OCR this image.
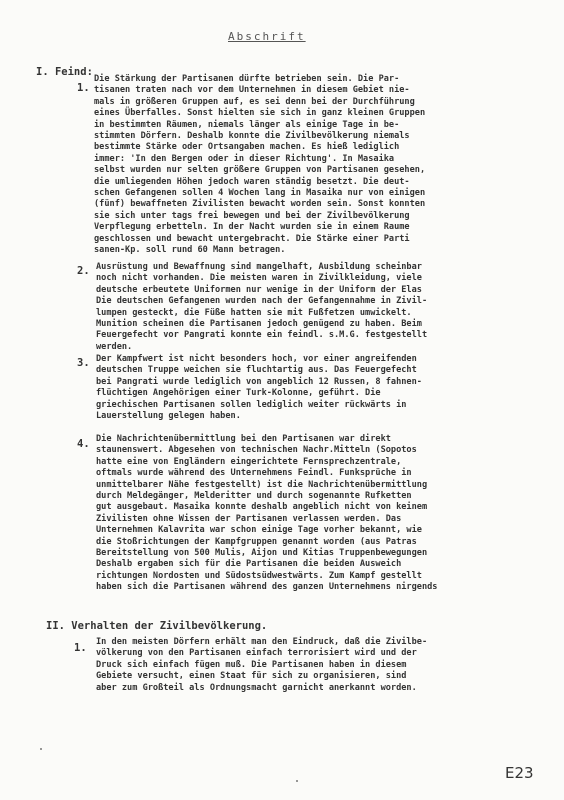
Abschrift
I. Feind:
1.
Die Stärkung der Partisanen dürfte betrieben sein. Die Par-
tisanen traten nach vor dem Unternehmen in diesem Gebiet nie-
mals in größeren Gruppen auf, es sei denn bei der Durchführung
eines Überfalles. Sonst hielten sie sich in ganz kleinen Gruppen
in bestimmten Räumen, niemals länger als einige Tage in be-
stimmten Dörfern. Deshalb konnte die Zivilbevölkerung niemals
bestimmte Stärke oder Ortsangaben machen. Es hieß lediglich
immer: 'In den Bergen oder in dieser Richtung'. In Masaika
selbst wurden nur selten größere Gruppen von Partisanen gesehen,
die umliegenden Höhen jedoch waren ständig besetzt. Die deut-
schen Gefangenen sollen 4 Wochen lang in Masaika nur von einigen
(fünf) bewaffneten Zivilisten bewacht worden sein. Sonst konnten
sie sich unter tags frei bewegen und bei der Zivilbevölkerung
Verpflegung erbetteln. In der Nacht wurden sie in einem Raume
geschlossen und bewacht untergebracht. Die Stärke einer Parti
sanen-Kp. soll rund 60 Mann betragen.
2. Ausrüstung und Bewaffnung sind mangelhaft, Ausbildung scheinbar
noch nicht vorhanden. Die meisten waren in Zivilkleidung, viele
deutsche erbeutete Uniformen nur wenige in der Uniform der Elas
Die deutschen Gefangenen wurden nach der Gefangennahme in Zivil-
lumpen gesteckt, die Füße hatten sie mit Fußfetzen umwickelt.
Munition scheinen die Partisanen jedoch genügend zu haben. Beim
Feuergefecht vor Pangrati konnte ein feindl. s.M.G. festgestellt
werden.
3. Der Kampfwert ist nicht besonders hoch, vor einer angreifenden
deutschen Truppe weichen sie fluchtartig aus. Das Feuergefecht
bei Pangrati wurde lediglich von angeblich 12 Russen, 8 fahnen-
flüchtigen Angehörigen einer Turk-Kolonne, geführt. Die
griechischen Partisanen sollen lediglich weiter rückwärts in
Lauerstellung gelegen haben.
4. Die Nachrichtenübermittlung bei den Partisanen war direkt
staunenswert. Abgesehen von technischen Nachr.Mitteln (Sopotos
hatte eine von Engländern eingerichtete Fernsprechzentrale,
oftmals wurde während des Unternehmens Feindl. Funksprüche in
unmittelbarer Nähe festgestellt) ist die Nachrichtenübermittlung
durch Meldegänger, Melderitter und durch sogenannte Rufketten
gut ausgebaut. Masaika konnte deshalb angeblich nicht von keinem
Zivilisten ohne Wissen der Partisanen verlassen werden. Das
Unternehmen Kalavrita war schon einige Tage vorher bekannt, wie
die Stoßrichtungen der Kampfgruppen genannt worden (aus Patras
Bereitstellung von 500 Mulis, Aijon und Kitias Truppenbewegungen
Deshalb ergaben sich für die Partisanen die beiden Ausweich
richtungen Nordosten und Südostsüdwestwärts. Zum Kampf gestellt
haben sich die Partisanen während des ganzen Unternehmens nirgends
II. Verhalten der Zivilbevölkerung.
1. In den meisten Dörfern erhält man den Eindruck, daß die Zivilbe-
völkerung von den Partisanen einfach terrorisiert wird und der
Druck sich einfach fügen muß. Die Partisanen haben in diesem
Gebiete versucht, einen Staat für sich zu organisieren, sind
aber zum Großteil als Ordnungsmacht garnicht anerkannt worden.
E23
